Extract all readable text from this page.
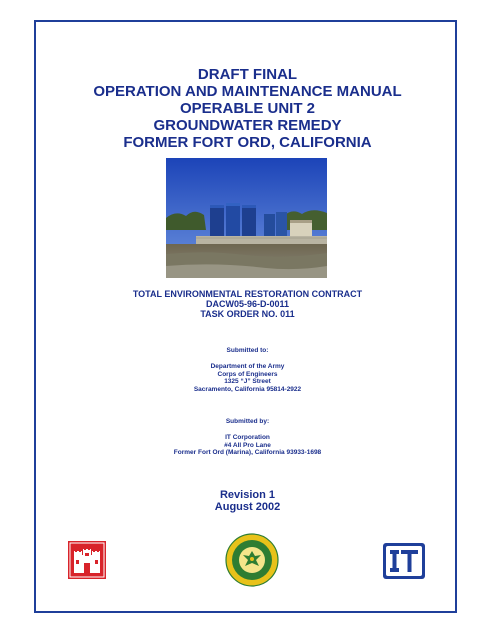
DRAFT FINAL
OPERATION AND MAINTENANCE MANUAL
OPERABLE UNIT 2
GROUNDWATER REMEDY
FORMER FORT ORD, CALIFORNIA
TOTAL ENVIRONMENTAL RESTORATION CONTRACT
DACW05-96-D-0011
TASK ORDER NO. 011
Submitted to:
Department of the Army
Corps of Engineers
1325 “J” Street
Sacramento, California 95814-2922
Submitted by:
IT Corporation
#4 All Pro Lane
Former Fort Ord (Marina), California 93933-1698
Revision 1
August 2002
